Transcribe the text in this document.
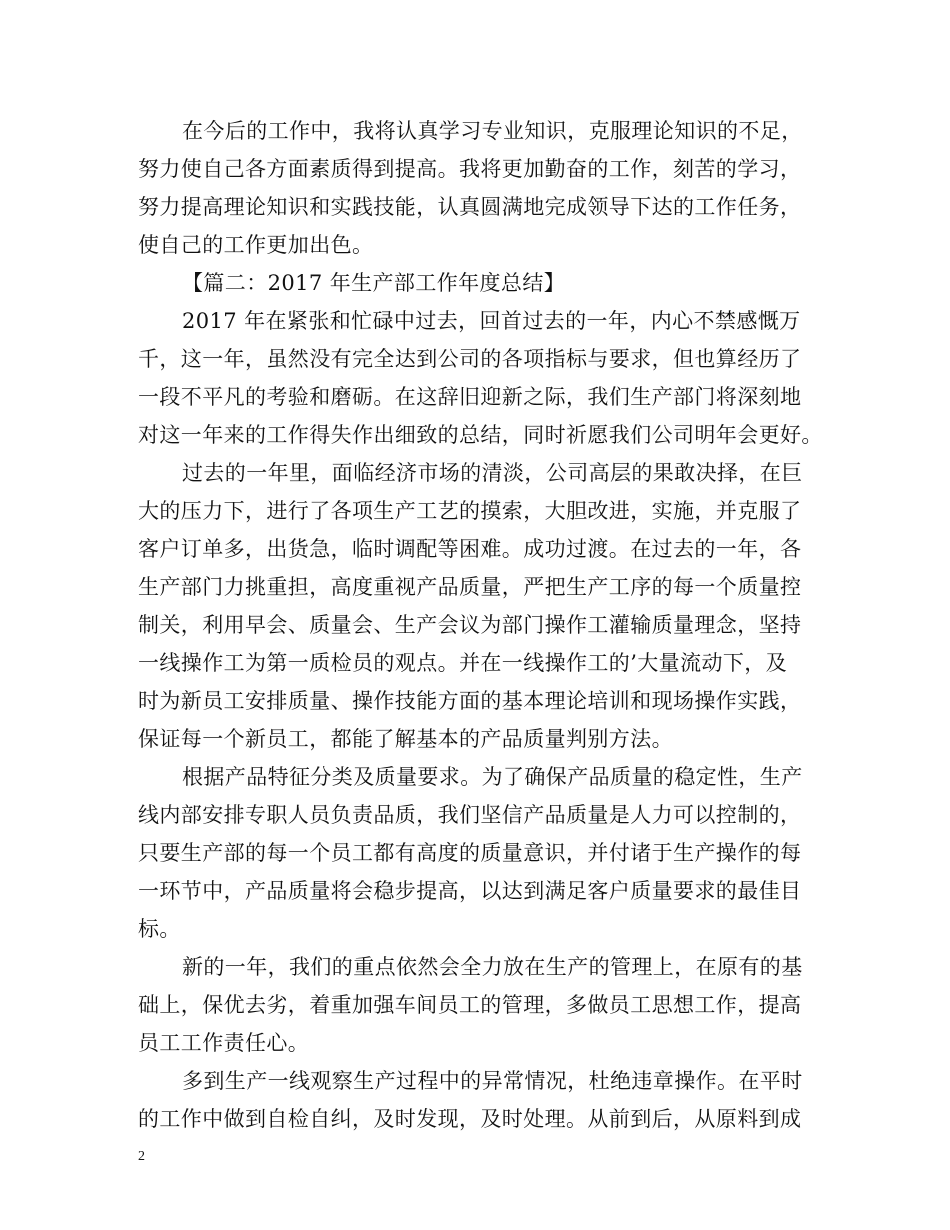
在今后的工作中，我将认真学习专业知识，克服理论知识的不足，
努力使自己各方面素质得到提高。我将更加勤奋的工作，刻苦的学习，
努力提高理论知识和实践技能，认真圆满地完成领导下达的工作任务，
使自己的工作更加出色。
【篇二：2017 年生产部工作年度总结】
2017 年在紧张和忙碌中过去，回首过去的一年，内心不禁感慨万
千，这一年，虽然没有完全达到公司的各项指标与要求，但也算经历了
一段不平凡的考验和磨砺。在这辞旧迎新之际，我们生产部门将深刻地
对这一年来的工作得失作出细致的总结，同时祈愿我们公司明年会更好。
过去的一年里，面临经济市场的清淡，公司高层的果敢决择，在巨
大的压力下，进行了各项生产工艺的摸索，大胆改进，实施，并克服了
客户订单多，出货急，临时调配等困难。成功过渡。在过去的一年，各
生产部门力挑重担，高度重视产品质量，严把生产工序的每一个质量控
制关，利用早会、质量会、生产会议为部门操作工灌输质量理念，坚持
一线操作工为第一质检员的观点。并在一线操作工的’大量流动下，及
时为新员工安排质量、操作技能方面的基本理论培训和现场操作实践，
保证每一个新员工，都能了解基本的产品质量判别方法。
根据产品特征分类及质量要求。为了确保产品质量的稳定性，生产
线内部安排专职人员负责品质，我们坚信产品质量是人力可以控制的，
只要生产部的每一个员工都有高度的质量意识，并付诸于生产操作的每
一环节中，产品质量将会稳步提高，以达到满足客户质量要求的最佳目
标。
新的一年，我们的重点依然会全力放在生产的管理上，在原有的基
础上，保优去劣，着重加强车间员工的管理，多做员工思想工作，提高
员工工作责任心。
多到生产一线观察生产过程中的异常情况，杜绝违章操作。在平时
的工作中做到自检自纠，及时发现，及时处理。从前到后，从原料到成
2
